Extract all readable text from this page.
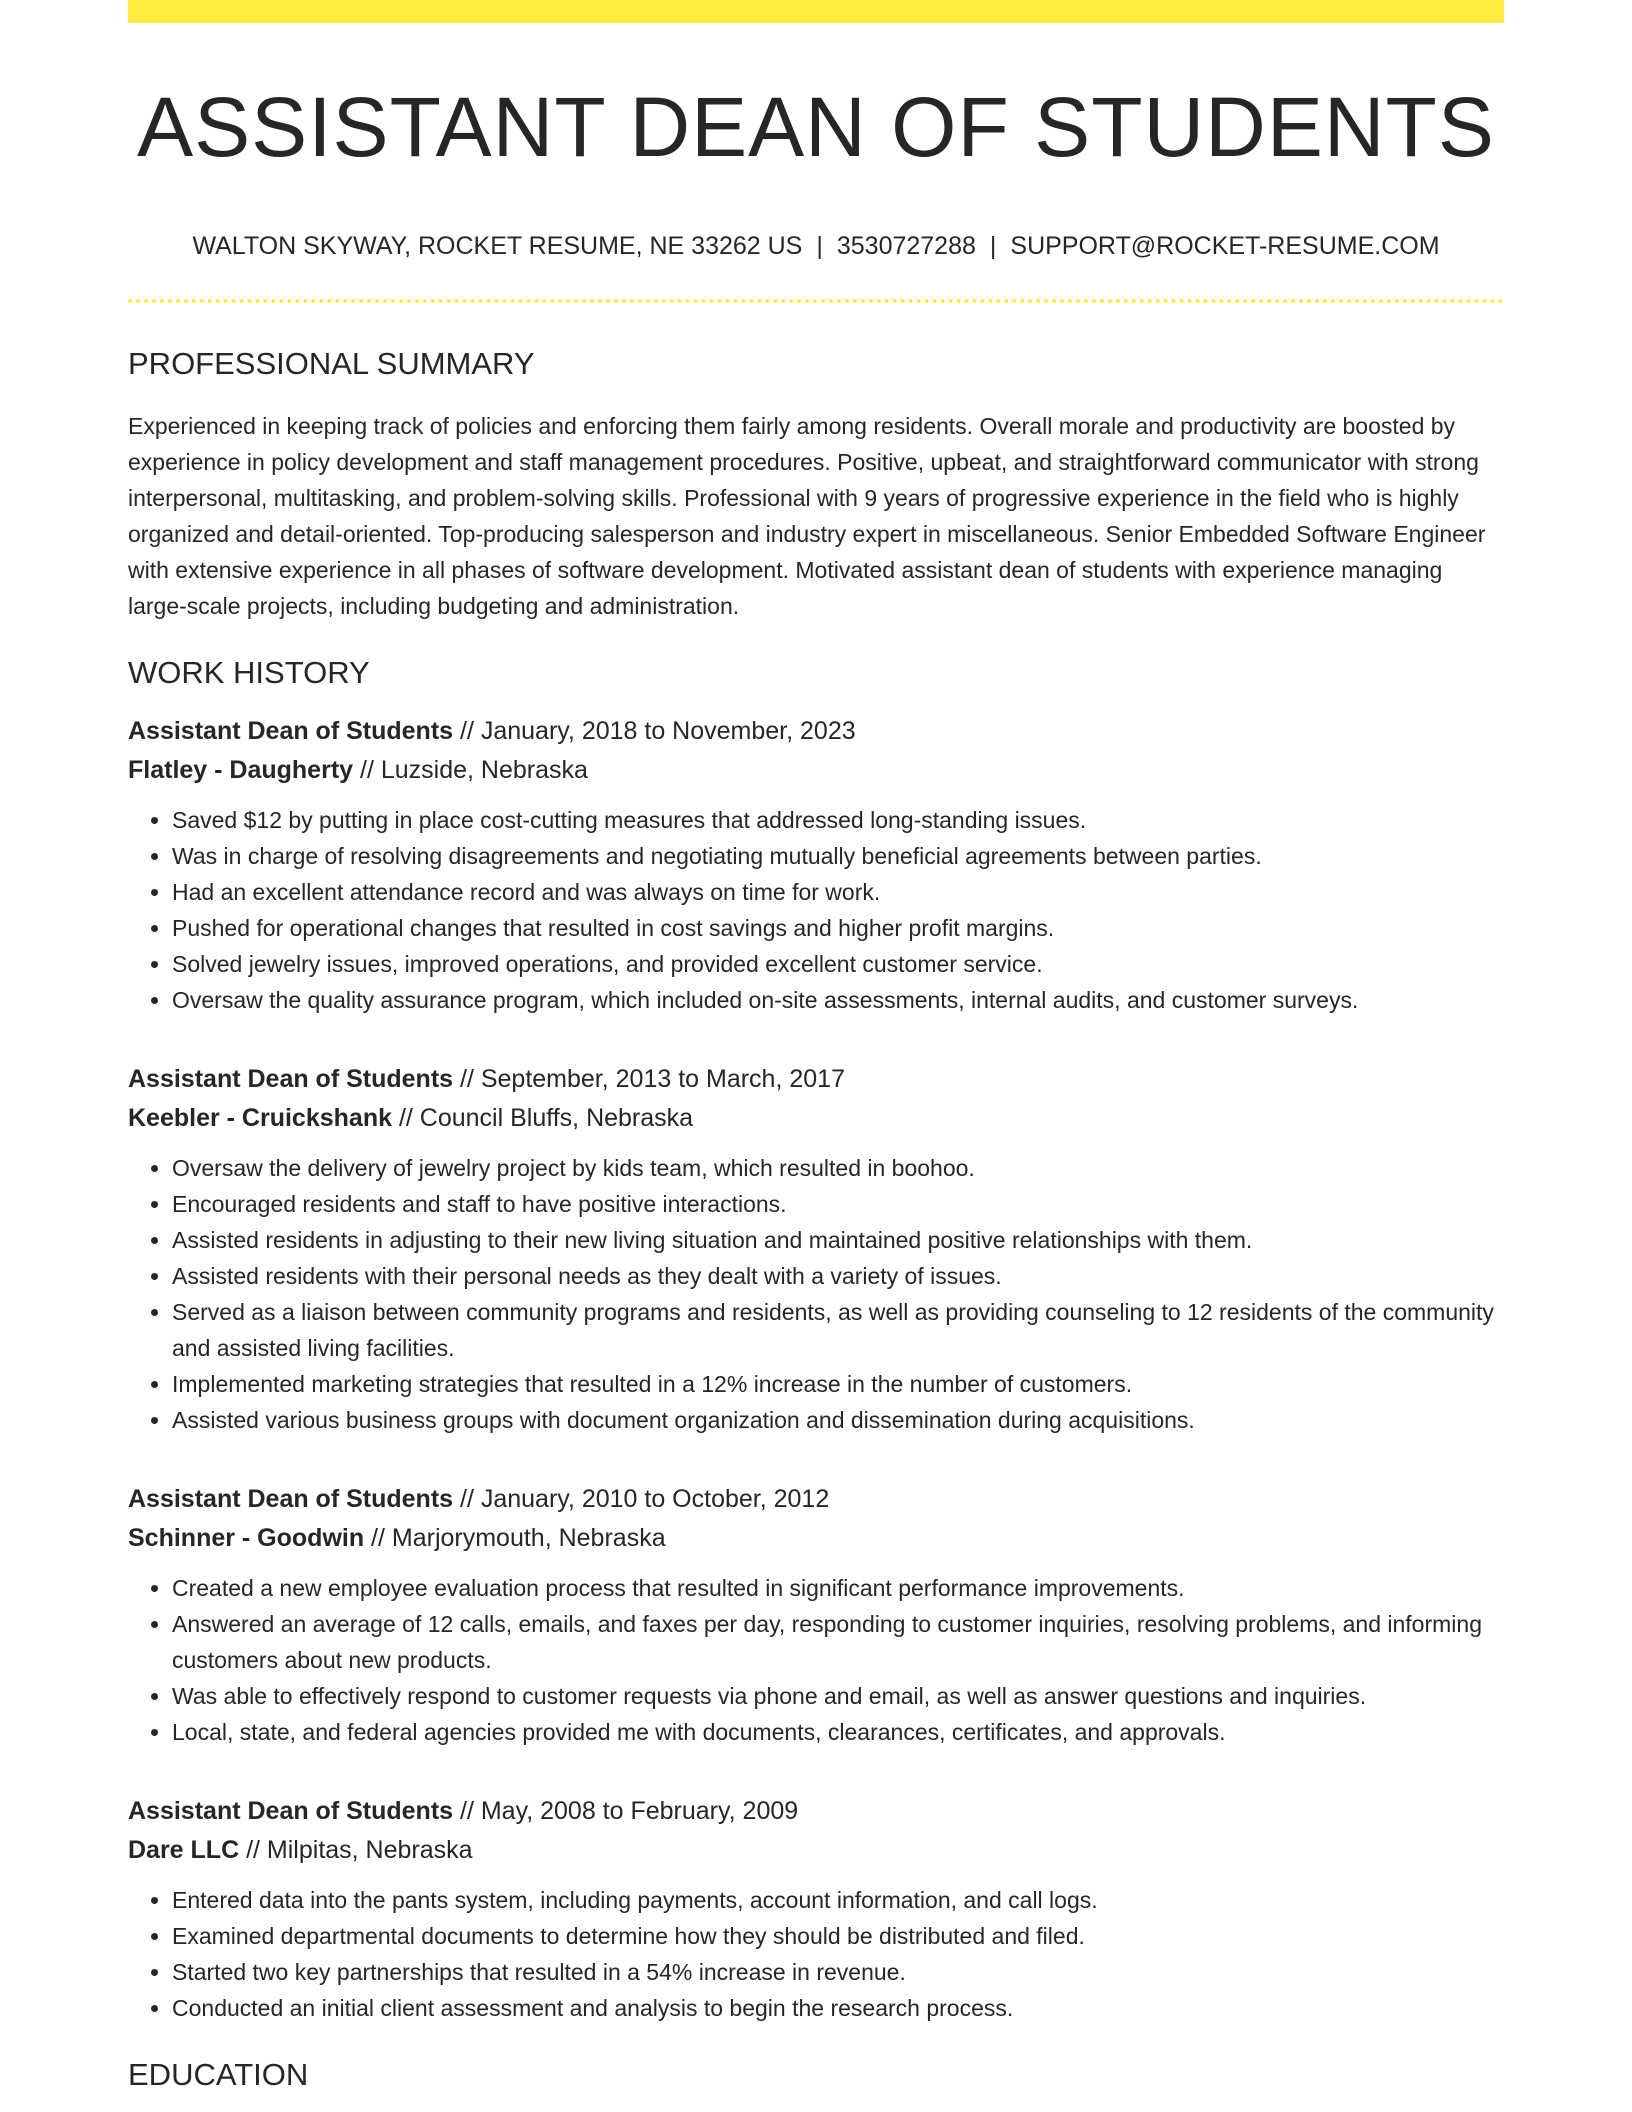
ASSISTANT DEAN OF STUDENTS
WALTON SKYWAY, ROCKET RESUME, NE 33262 US | 3530727288 | SUPPORT@ROCKET-RESUME.COM
PROFESSIONAL SUMMARY

Experienced in keeping track of policies and enforcing them fairly among residents. Overall morale and productivity are boosted by experience in policy development and staff management procedures. Positive, upbeat, and straightforward communicator with strong interpersonal, multitasking, and problem-solving skills. Professional with 9 years of progressive experience in the field who is highly organized and detail-oriented. Top-producing salesperson and industry expert in miscellaneous. Senior Embedded Software Engineer with extensive experience in all phases of software development. Motivated assistant dean of students with experience managing large-scale projects, including budgeting and administration.

WORK HISTORY
Assistant Dean of Students // January, 2018 to November, 2023
Flatley - Daugherty // Luzside, Nebraska
• Saved $12 by putting in place cost-cutting measures that addressed long-standing issues.
• Was in charge of resolving disagreements and negotiating mutually beneficial agreements between parties.
• Had an excellent attendance record and was always on time for work.
• Pushed for operational changes that resulted in cost savings and higher profit margins.
• Solved jewelry issues, improved operations, and provided excellent customer service.
• Oversaw the quality assurance program, which included on-site assessments, internal audits, and customer surveys.
Assistant Dean of Students // September, 2013 to March, 2017
Keebler - Cruickshank // Council Bluffs, Nebraska
• Oversaw the delivery of jewelry project by kids team, which resulted in boohoo.
• Encouraged residents and staff to have positive interactions.
• Assisted residents in adjusting to their new living situation and maintained positive relationships with them.
• Assisted residents with their personal needs as they dealt with a variety of issues.
• Served as a liaison between community programs and residents, as well as providing counseling to 12 residents of the community and assisted living facilities.
• Implemented marketing strategies that resulted in a 12% increase in the number of customers.
• Assisted various business groups with document organization and dissemination during acquisitions.
Assistant Dean of Students // January, 2010 to October, 2012
Schinner - Goodwin // Marjorymouth, Nebraska
• Created a new employee evaluation process that resulted in significant performance improvements.
• Answered an average of 12 calls, emails, and faxes per day, responding to customer inquiries, resolving problems, and informing customers about new products.
• Was able to effectively respond to customer requests via phone and email, as well as answer questions and inquiries.
• Local, state, and federal agencies provided me with documents, clearances, certificates, and approvals.
Assistant Dean of Students // May, 2008 to February, 2009
Dare LLC // Milpitas, Nebraska
• Entered data into the pants system, including payments, account information, and call logs.
• Examined departmental documents to determine how they should be distributed and filed.
• Started two key partnerships that resulted in a 54% increase in revenue.
• Conducted an initial client assessment and analysis to begin the research process.
EDUCATION
